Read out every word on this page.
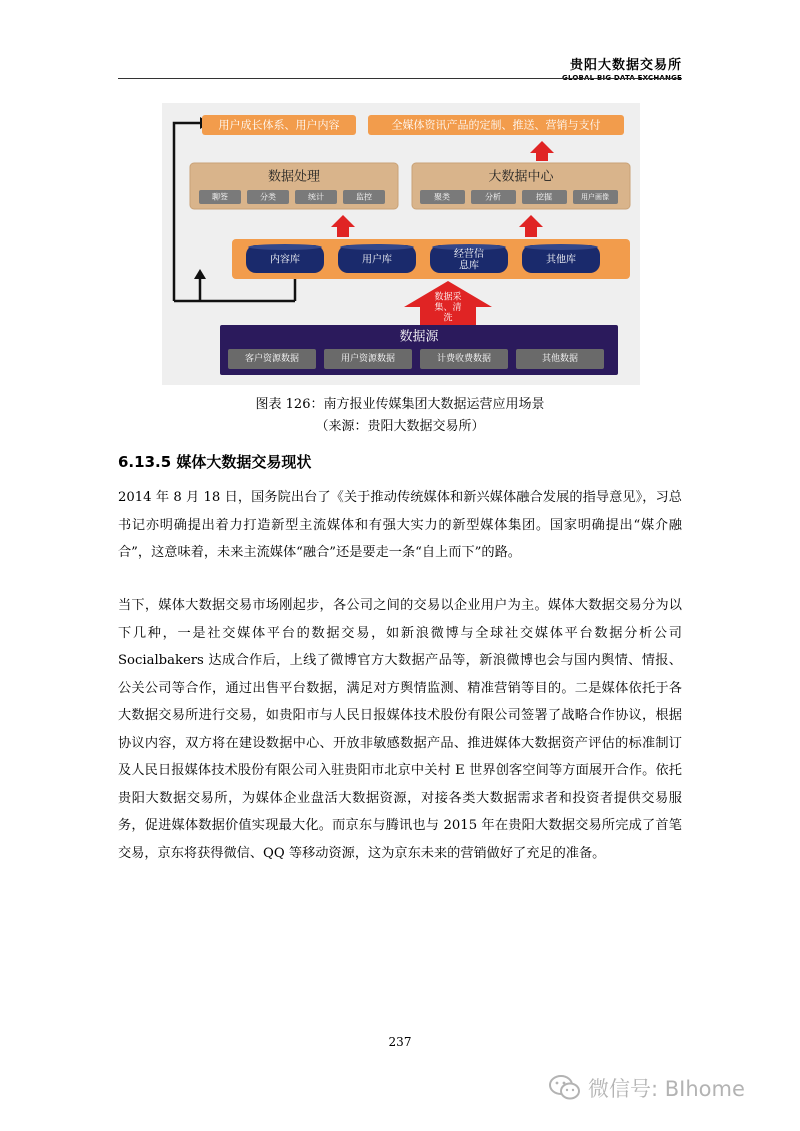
贵阳大数据交易所
GLOBAL BIG DATA EXCHANGE
用户成长体系、用户内容	全媒体资讯产品的定制、推送、营销与支付
数据处理
聊签	分类	统计	监控
大数据中心
聚类	分析	挖掘	用户画像
内容库	用户库
经营信
息库
其他库
数据采
集、清
洗
数据源
客户资源数据	用户资源数据	计费收费数据	其他数据
图表 126：南方报业传媒集团大数据运营应用场景
（来源：贵阳大数据交易所）
6.13.5 媒体大数据交易现状

2014 年 8 月 18 日，国务院出台了《关于推动传统媒体和新兴媒体融合发展的指导意见》，习总书记亦明确提出着力打造新型主流媒体和有强大实力的新型媒体集团。国家明确提出“媒介融合”，这意味着，未来主流媒体“融合”还是要走一条“自上而下”的路。

当下，媒体大数据交易市场刚起步，各公司之间的交易以企业用户为主。媒体大数据交易分为以下几种，一是社交媒体平台的数据交易，如新浪微博与全球社交媒体平台数据分析公司 Socialbakers 达成合作后，上线了微博官方大数据产品等，新浪微博也会与国内舆情、情报、公关公司等合作，通过出售平台数据，满足对方舆情监测、精准营销等目的。二是媒体依托于各大数据交易所进行交易，如贵阳市与人民日报媒体技术股份有限公司签署了战略合作协议，根据协议内容，双方将在建设数据中心、开放非敏感数据产品、推进媒体大数据资产评估的标准制订及人民日报媒体技术股份有限公司入驻贵阳市北京中关村 E 世界创客空间等方面展开合作。依托贵阳大数据交易所，为媒体企业盘活大数据资源，对接各类大数据需求者和投资者提供交易服务，促进媒体数据价值实现最大化。而京东与腾讯也与 2015 年在贵阳大数据交易所完成了首笔交易，京东将获得微信、QQ 等移动资源，这为京东未来的营销做好了充足的准备。

237
微信号: BIhome
